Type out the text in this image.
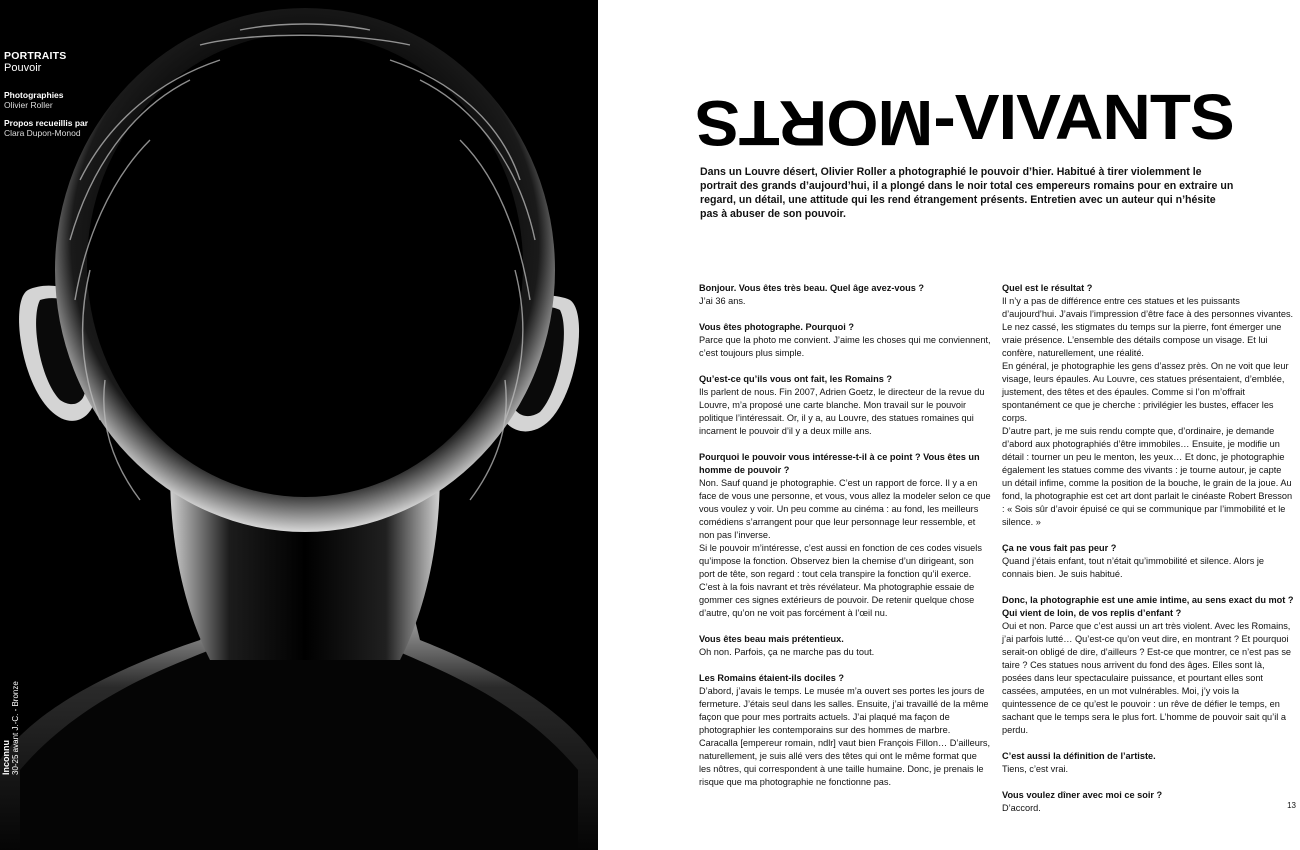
PORTRAITS
Pouvoir
Photographies
Olivier Roller
Propos recueillis par
Clara Dupon-Monod
Inconnu 30-25 avant J.-C. - Bronze
MORTS-VIVANTS
Dans un Louvre désert, Olivier Roller a photographié le pouvoir d’hier. Habitué à tirer violemment le portrait des grands d’aujourd’hui, il a plongé dans le noir total ces empereurs romains pour en extraire un regard, un détail, une attitude qui les rend étrangement présents. Entretien avec un auteur qui n’hésite pas à abuser de son pouvoir.
Bonjour. Vous êtes très beau. Quel âge avez-vous ?

J’ai 36 ans.

Vous êtes photographe. Pourquoi ?

Parce que la photo me convient. J’aime les choses qui me conviennent, c’est toujours plus simple.

Qu’est-ce qu’ils vous ont fait, les Romains ?

Ils parlent de nous. Fin 2007, Adrien Goetz, le directeur de la revue du Louvre, m’a proposé une carte blanche. Mon travail sur le pouvoir politique l’intéressait. Or, il y a, au Louvre, des statues romaines qui incarnent le pouvoir d’il y a deux mille ans.

Pourquoi le pouvoir vous intéresse-t-il à ce point ? Vous êtes un homme de pouvoir ?

Non. Sauf quand je photographie. C’est un rapport de force. Il y a en face de vous une personne, et vous, vous allez la modeler selon ce que vous voulez y voir. Un peu comme au cinéma : au fond, les meilleurs comédiens s’arrangent pour que leur personnage leur ressemble, et non pas l’inverse.

Si le pouvoir m’intéresse, c’est aussi en fonction de ces codes visuels qu’impose la fonction. Observez bien la chemise d’un dirigeant, son port de tête, son regard : tout cela transpire la fonction qu’il exerce. C’est à la fois navrant et très révélateur. Ma photographie essaie de gommer ces signes extérieurs de pouvoir. De retenir quelque chose d’autre, qu’on ne voit pas forcément à l’œil nu.

Vous êtes beau mais prétentieux.

Oh non. Parfois, ça ne marche pas du tout.

Les Romains étaient-ils dociles ?

D’abord, j’avais le temps. Le musée m’a ouvert ses portes les jours de fermeture. J’étais seul dans les salles. Ensuite, j’ai travaillé de la même façon que pour mes portraits actuels. J’ai plaqué ma façon de photographier les contemporains sur des hommes de marbre. Caracalla [empereur romain, ndlr] vaut bien François Fillon… D’ailleurs, naturellement, je suis allé vers des têtes qui ont le même format que les nôtres, qui correspondent à une taille humaine. Donc, je prenais le risque que ma photographie ne fonctionne pas.

Quel est le résultat ?

Il n’y a pas de différence entre ces statues et les puissants d’aujourd’hui. J’avais l’impression d’être face à des personnes vivantes. Le nez cassé, les stigmates du temps sur la pierre, font émerger une vraie présence. L’ensemble des détails compose un visage. Et lui confère, naturellement, une réalité.

En général, je photographie les gens d’assez près. On ne voit que leur visage, leurs épaules. Au Louvre, ces statues présentaient, d’emblée, justement, des têtes et des épaules. Comme si l’on m’offrait spontanément ce que je cherche : privilégier les bustes, effacer les corps.

D’autre part, je me suis rendu compte que, d’ordinaire, je demande d’abord aux photographiés d’être immobiles… Ensuite, je modifie un détail : tourner un peu le menton, les yeux… Et donc, je photographie également les statues comme des vivants : je tourne autour, je capte un détail infime, comme la position de la bouche, le grain de la joue. Au fond, la photographie est cet art dont parlait le cinéaste Robert Bresson : « Sois sûr d’avoir épuisé ce qui se communique par l’immobilité et le silence. »

Ça ne vous fait pas peur ?

Quand j’étais enfant, tout n’était qu’immobilité et silence. Alors je connais bien. Je suis habitué.

Donc, la photographie est une amie intime, au sens exact du mot ? Qui vient de loin, de vos replis d’enfant ?

Oui et non. Parce que c’est aussi un art très violent. Avec les Romains, j’ai parfois lutté… Qu’est-ce qu’on veut dire, en montrant ? Et pourquoi serait-on obligé de dire, d’ailleurs ? Est-ce que montrer, ce n’est pas se taire ? Ces statues nous arrivent du fond des âges. Elles sont là, posées dans leur spectaculaire puissance, et pourtant elles sont cassées, amputées, en un mot vulnérables. Moi, j’y vois la quintessence de ce qu’est le pouvoir : un rêve de défier le temps, en sachant que le temps sera le plus fort. L’homme de pouvoir sait qu’il a perdu.

C’est aussi la définition de l’artiste.

Tiens, c’est vrai.

Vous voulez dîner avec moi ce soir ?

D’accord.	13
